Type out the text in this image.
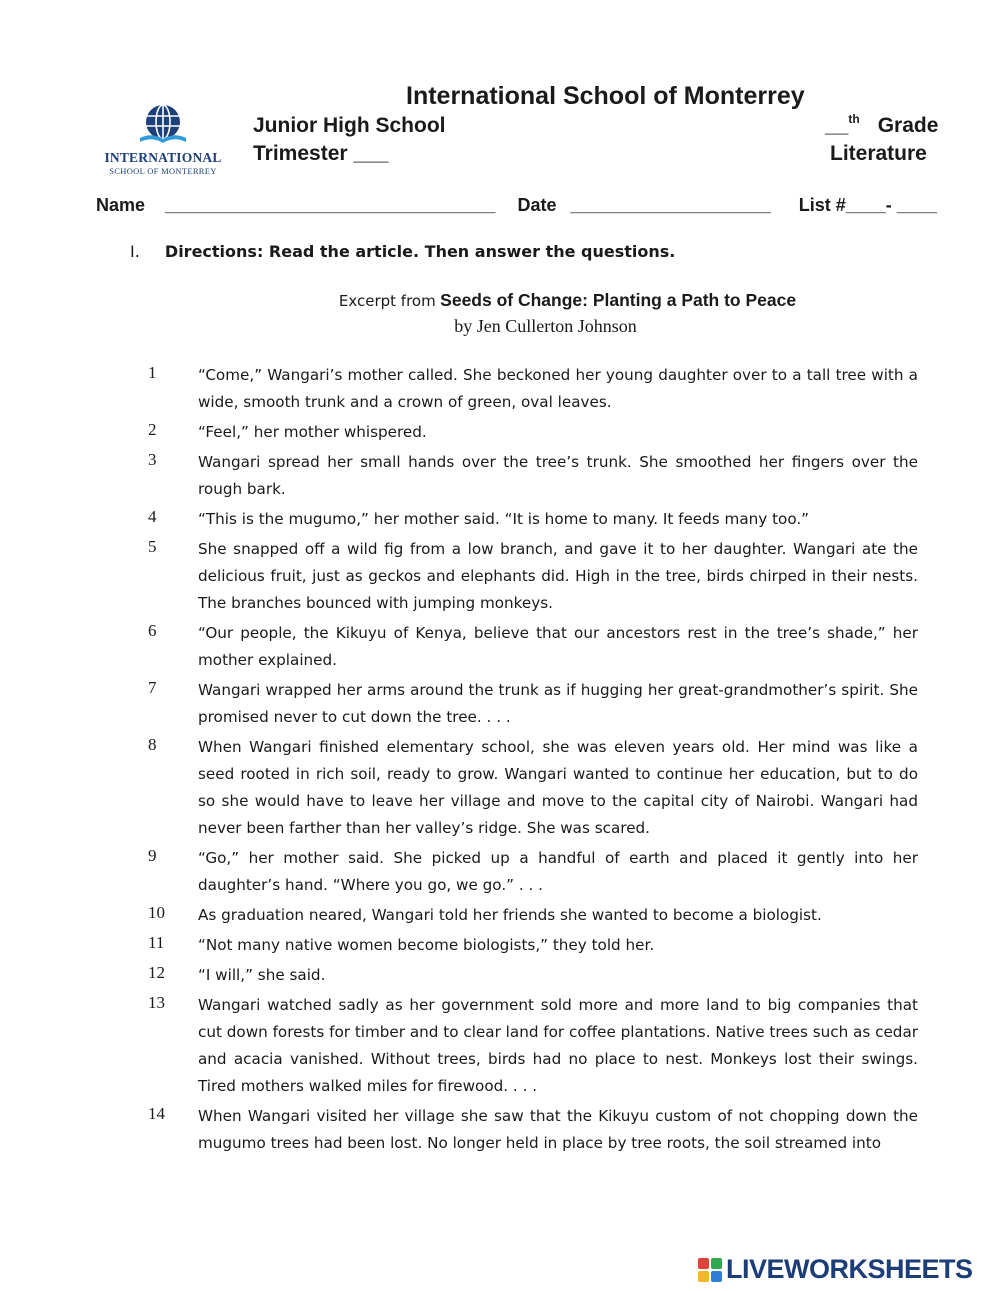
International School of Monterrey
INTERNATIONAL
SCHOOL OF MONTERREY
Junior High School
Trimester ___
__$^{th}$ Grade
Literature
Name _________________________________ Date ____________________ List #____- ____
I. Directions: Read the article. Then answer the questions.
Excerpt from Seeds of Change: Planting a Path to Peace
by Jen Cullerton Johnson
1	“Come,” Wangari’s mother called. She beckoned her young daughter over to a tall tree with a wide, smooth trunk and a crown of green, oval leaves.
2	“Feel,” her mother whispered.
3	Wangari spread her small hands over the tree’s trunk. She smoothed her fingers over the rough bark.
4	“This is the mugumo,” her mother said. “It is home to many. It feeds many too.”
5	She snapped off a wild fig from a low branch, and gave it to her daughter. Wangari ate the delicious fruit, just as geckos and elephants did. High in the tree, birds chirped in their nests. The branches bounced with jumping monkeys.
6	“Our people, the Kikuyu of Kenya, believe that our ancestors rest in the tree’s shade,” her mother explained.
7	Wangari wrapped her arms around the trunk as if hugging her great-grandmother’s spirit. She promised never to cut down the tree. . . .
8	When Wangari finished elementary school, she was eleven years old. Her mind was like a seed rooted in rich soil, ready to grow. Wangari wanted to continue her education, but to do so she would have to leave her village and move to the capital city of Nairobi. Wangari had never been farther than her valley’s ridge. She was scared.
9	“Go,” her mother said. She picked up a handful of earth and placed it gently into her daughter’s hand. “Where you go, we go.” . . .
10	As graduation neared, Wangari told her friends she wanted to become a biologist.
11	“Not many native women become biologists,” they told her.
12	“I will,” she said.
13	Wangari watched sadly as her government sold more and more land to big companies that cut down forests for timber and to clear land for coffee plantations. Native trees such as cedar and acacia vanished. Without trees, birds had no place to nest. Monkeys lost their swings. Tired mothers walked miles for firewood. . . .
14	When Wangari visited her village she saw that the Kikuyu custom of not chopping down the mugumo trees had been lost. No longer held in place by tree roots, the soil streamed into
LIVEWORKSHEETS
